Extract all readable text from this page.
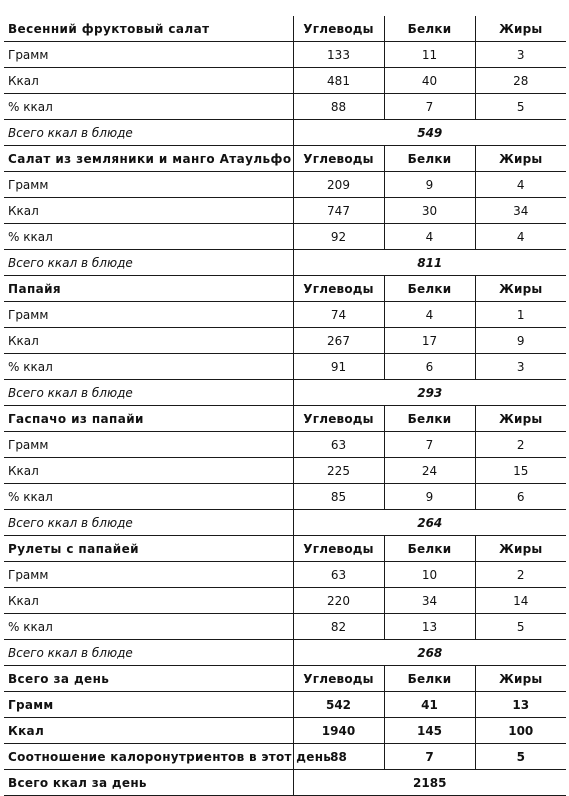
Весенний фруктовый салат	Углеводы	Белки	Жиры
Грамм	133	11	3
Ккал	481	40	28
% ккал	88	7	5
Всего ккал в блюде	549		
Салат из земляники и манго Атаульфо	Углеводы	Белки	Жиры
Грамм	209	9	4
Ккал	747	30	34
% ккал	92	4	4
Всего ккал в блюде	811		
Папайя	Углеводы	Белки	Жиры
Грамм	74	4	1
Ккал	267	17	9
% ккал	91	6	3
Всего ккал в блюде	293		
Гаспачо из папайи	Углеводы	Белки	Жиры
Грамм	63	7	2
Ккал	225	24	15
% ккал	85	9	6
Всего ккал в блюде	264		
Рулеты с папайей	Углеводы	Белки	Жиры
Грамм	63	10	2
Ккал	220	34	14
% ккал	82	13	5
Всего ккал в блюде	268		
Всего за день	Углеводы	Белки	Жиры
Грамм	542	41	13
Ккал	1940	145	100
Соотношение калоронутриентов в этот день	88	7	5
Всего ккал за день	2185		
